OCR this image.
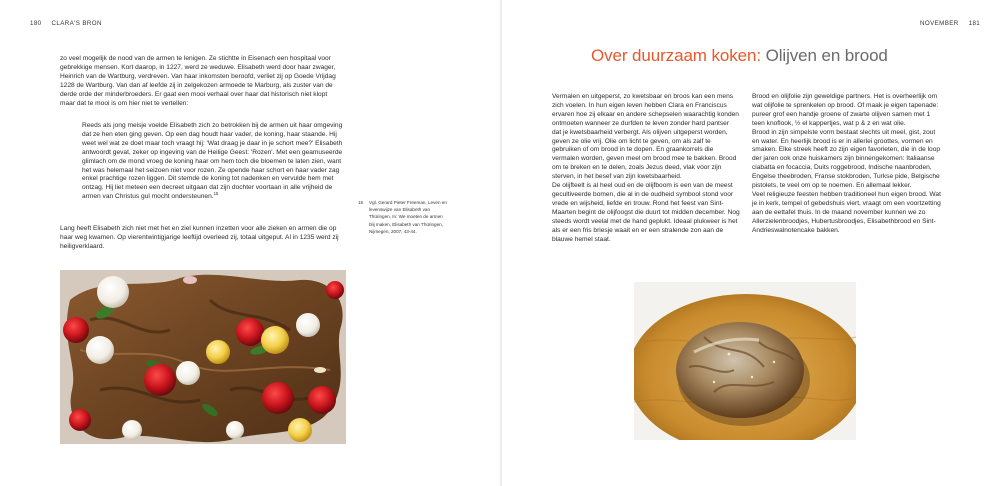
180 CLARA'S BRON

zo veel mogelijk de nood van de armen te lenigen. Ze stichtte in Eisenach een hospitaal voor gebrekkige mensen. Kort daarop, in 1227, werd ze weduwe. Elisabeth werd door haar zwager, Heinrich van de Wartburg, verdreven. Van haar inkomsten beroofd, verliet zij op Goede Vrijdag 1228 de Wartburg. Van dan af leefde zij in zelgekozen armoede te Marburg, als zuster van de derde orde der minderbroeders. Er gaat een mooi verhaal over haar dat historisch niet klopt maar dat te mooi is om hier niet te vertellen:

Reeds als jong meisje voelde Elisabeth zich zo betrokken bij de armen uit haar omgeving dat ze hen eten ging geven. Op een dag houdt haar vader, de koning, haar staande. Hij weet wel wat ze doet maar toch vraagt hij: 'Wat draag je daar in je schort mee?' Elisabeth antwoordt gevat, zeker op ingeving van de Heilige Geest: 'Rozen'. Met een geamuseerde glimlach om de mond vroeg de koning haar om hem toch die bloemen te laten zien, want het was helemaal het seizoen niet voor rozen. Ze opende haar schort en haar vader zag enkel prachtige rozen liggen. Dit stemde de koning tot nadenken en vervulde hem met ontzag. Hij liet meteen een decreet uitgaan dat zijn dochter voortaan in alle vrijheid de armen van Christus gul mocht ondersteunen.$^{15}$

Lang heeft Elisabeth zich niet met het en ziel kunnen inzetten voor alle zieken en armen die op haar weg kwamen. Op vierentwintigjarige leeftijd overleed zij, totaal uitgeput. Al in 1235 werd zij heiligverklaard.

15 Vgl. Gerard Pieter Freeman, Leven en levenswijze van Elisabeth van Thüringen, In: We moeten de armen blij maken, Elisabeth van Thüringen, Nijmegen, 2007, 43-44.
NOVEMBER 181
Over duurzaam koken: Olijven en brood

Vermalen en uitgeperst, zo kwetsbaar en broos kan een mens zich voelen. In hun eigen leven hebben Clara en Franciscus ervaren hoe zij elkaar en andere schepselen waarachtig konden ontmoeten wanneer ze durfden te leven zonder hard pantser dat je kwetsbaarheid verbergt. Als olijven uitgeperst worden, geven ze olie vrij. Olie om licht te geven, om als zalf te gebruiken of om brood in te dopen. En graankorrels die vermalen worden, geven meel om brood mee te bakken. Brood om te breken en te delen, zoals Jezus deed, vlak voor zijn sterven, in het besef van zijn kwetsbaarheid.

De olijfteelt is al heel oud en de olijfboom is een van de meest gecultiveerde bomen, die al in de oudheid symbool stond voor vrede en wijsheid, liefde en trouw. Rond het feest van Sint-Maarten begint de olijfoogst die duurt tot midden december. Nog steeds wordt veelal met de hand geplukt. Ideaal plukweer is het als er een fris briesje waait en er een stralende zon aan de blauwe hemel staat.

Brood en olijfolie zijn geweldige partners. Het is overheerlijk om wat olijfolie te sprenkelen op brood. Of maak je eigen tapenade: pureer grof een handje groene of zwarte olijven samen met 1 teen knoflook, ½ el kappertjes, wat p & z en wat olie.

Brood in zijn simpelste vorm bestaat slechts uit meel, gist, zout en water. En heerlijk brood is er in allerlei groottes, vormen en smaken. Elke streek heeft zo zijn eigen favorieten, die in de loop der jaren ook onze huiskamers zijn binnengekomen: Italiaanse ciabatta en focaccia, Duits roggebrood, Indische naanbroden, Engelse theebroden, Franse stokbroden, Turkse pide, Belgische pistolets, te veel om op te noemen. En allemaal lekker.

Veel religieuze feesten hebben traditioneel hun eigen brood. Wat je in kerk, tempel of gebedshuis viert, vraagt om een voortzetting aan de eettafel thuis. In de maand november kunnen we zo Allerzielenbroodjes, Hubertusbroodjes, Elisabethbrood en Sint-Andrieswalnotencake bakken.
